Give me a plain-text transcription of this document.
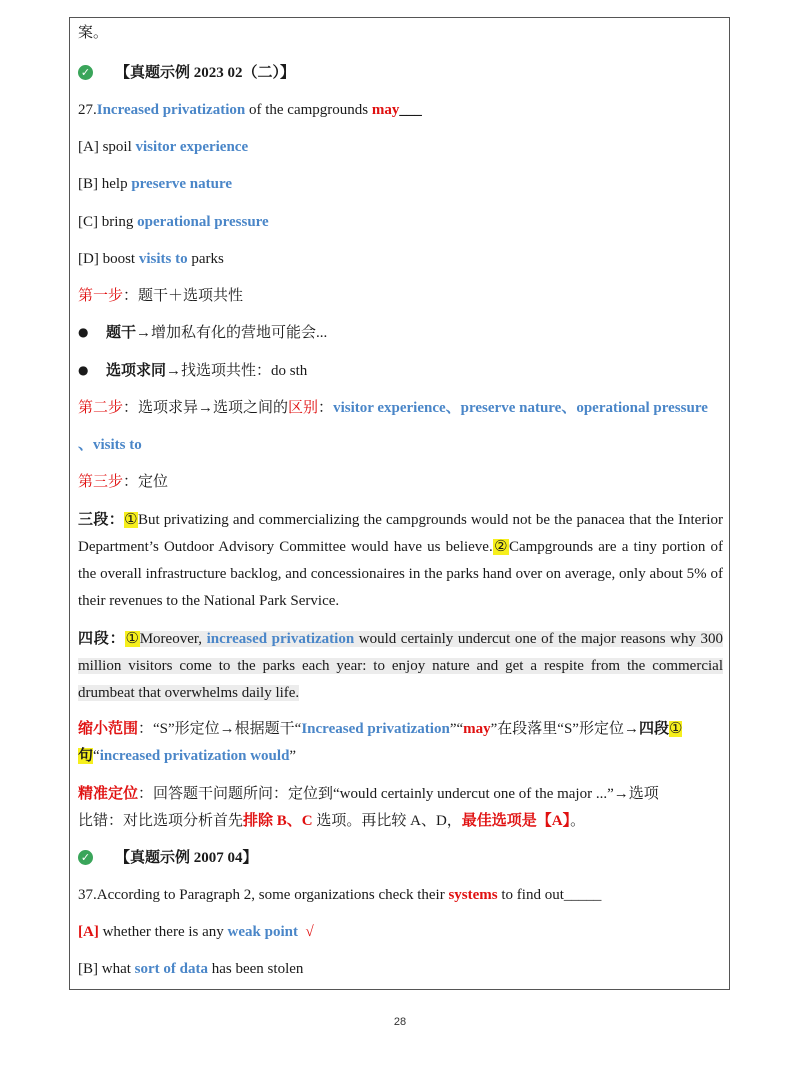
案。
✓ 【真题示例 2023 02（二）】
27.Increased privatization of the campgrounds may___
[A] spoil visitor experience
[B] help preserve nature
[C] bring operational pressure
[D] boost visits to parks
第一步：题干＋选项共性
● 题干→增加私有化的营地可能会...
● 选项求同→找选项共性：do sth
第二步：选项求异→选项之间的区别：visitor experience、preserve nature、operational pressure
、visits to
第三步：定位
三段：①But privatizing and commercializing the campgrounds would not be the panacea that the Interior Department’s Outdoor Advisory Committee would have us believe.②Campgrounds are a tiny portion of the overall infrastructure backlog, and concessionaires in the parks hand over on average, only about 5% of their revenues to the National Park Service.
四段：①Moreover, increased privatization would certainly undercut one of the major reasons why 300 million visitors come to the parks each year: to enjoy nature and get a respite from the commercial drumbeat that overwhelms daily life.
缩小范围：“S”形定位→根据题干“Increased privatization”“may”在段落里“S”形定位→四段①
句“increased privatization would”
精准定位：回答题干问题所问：定位到“would certainly undercut one of the major ...”→选项
比错：对比选项分析首先排除 B、C 选项。再比较 A、D，最佳选项是【A】。
✓ 【真题示例 2007 04】
37.According to Paragraph 2, some organizations check their systems to find out_____
[A] whether there is any weak point  √
[B] what sort of data has been stolen
28
